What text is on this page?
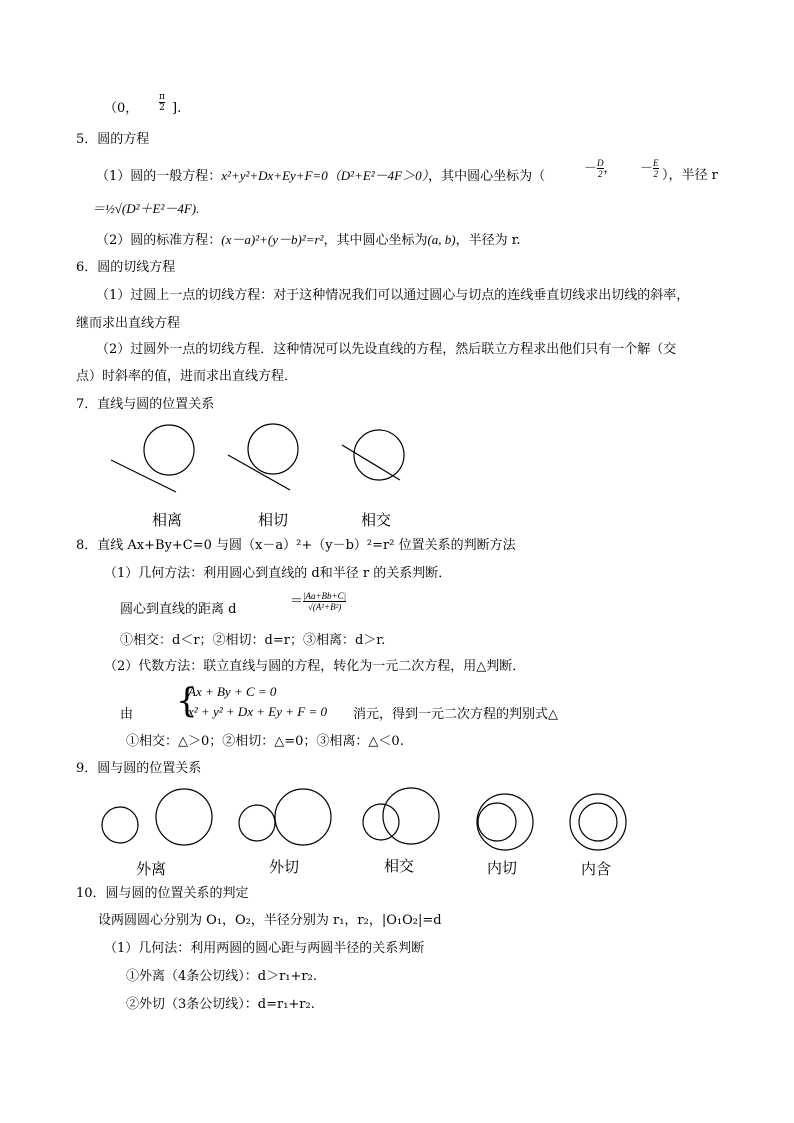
（0， $\frac{\pi}{2}$ ].
5．圆的方程
（1）圆的一般方程：x²+y²+Dx+Ey+F=0（D²+E²－4F＞0），其中圆心坐标为（
－ $\frac{D}{2}$ ， － $\frac{E}{2}$ ），半径 r
＝½√(D²＋E²－4F).
（2）圆的标准方程：(x－a)²+(y－b)²=r²，其中圆心坐标为(a, b)，半径为 r.
6．圆的切线方程
（1）过圆上一点的切线方程：对于这种情况我们可以通过圆心与切点的连线垂直切线求出切线的斜率，
继而求出直线方程
（2）过圆外一点的切线方程．这种情况可以先设直线的方程，然后联立方程求出他们只有一个解（交
点）时斜率的值，进而求出直线方程．
7．直线与圆的位置关系
相离	相切	相交
8．直线 Ax+By+C=0 与圆（x－a）²+（y－b）²=r² 位置关系的判断方法
（1）几何方法：利用圆心到直线的 d和半径 r 的关系判断．
圆心到直线的距离 d
＝ $\frac{|Aa+Bb+C|}{\text{√(A²+B²)}}$
①相交：d＜r；②相切：d=r；③相离：d＞r.
（2）代数方法：联立直线与圆的方程，转化为一元二次方程，用△判断．
由 {
Ax + By + C = 0
x² + y² + Dx + Ey + F = 0 消元，得到一元二次方程的判别式△
①相交：△＞0；②相切：△=0；③相离：△＜0.
9．圆与圆的位置关系
外离	外切	相交	内切	内含
10．圆与圆的位置关系的判定
设两圆圆心分别为 O₁，O₂，半径分别为 r₁，r₂，|O₁O₂|=d
（1）几何法：利用两圆的圆心距与两圆半径的关系判断
①外离（4条公切线）：d＞r₁+r₂.
②外切（3条公切线）：d=r₁+r₂.
